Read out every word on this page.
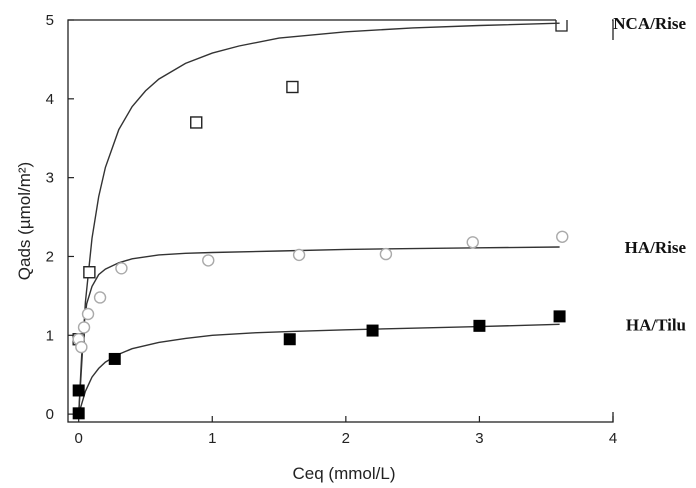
0	1	2	3	4
0
1
2
3
4
5	NCA/Rise
HA/Rise
HA/Tilu
Ceq (mmol/L)
Qads (µmol/m²)
